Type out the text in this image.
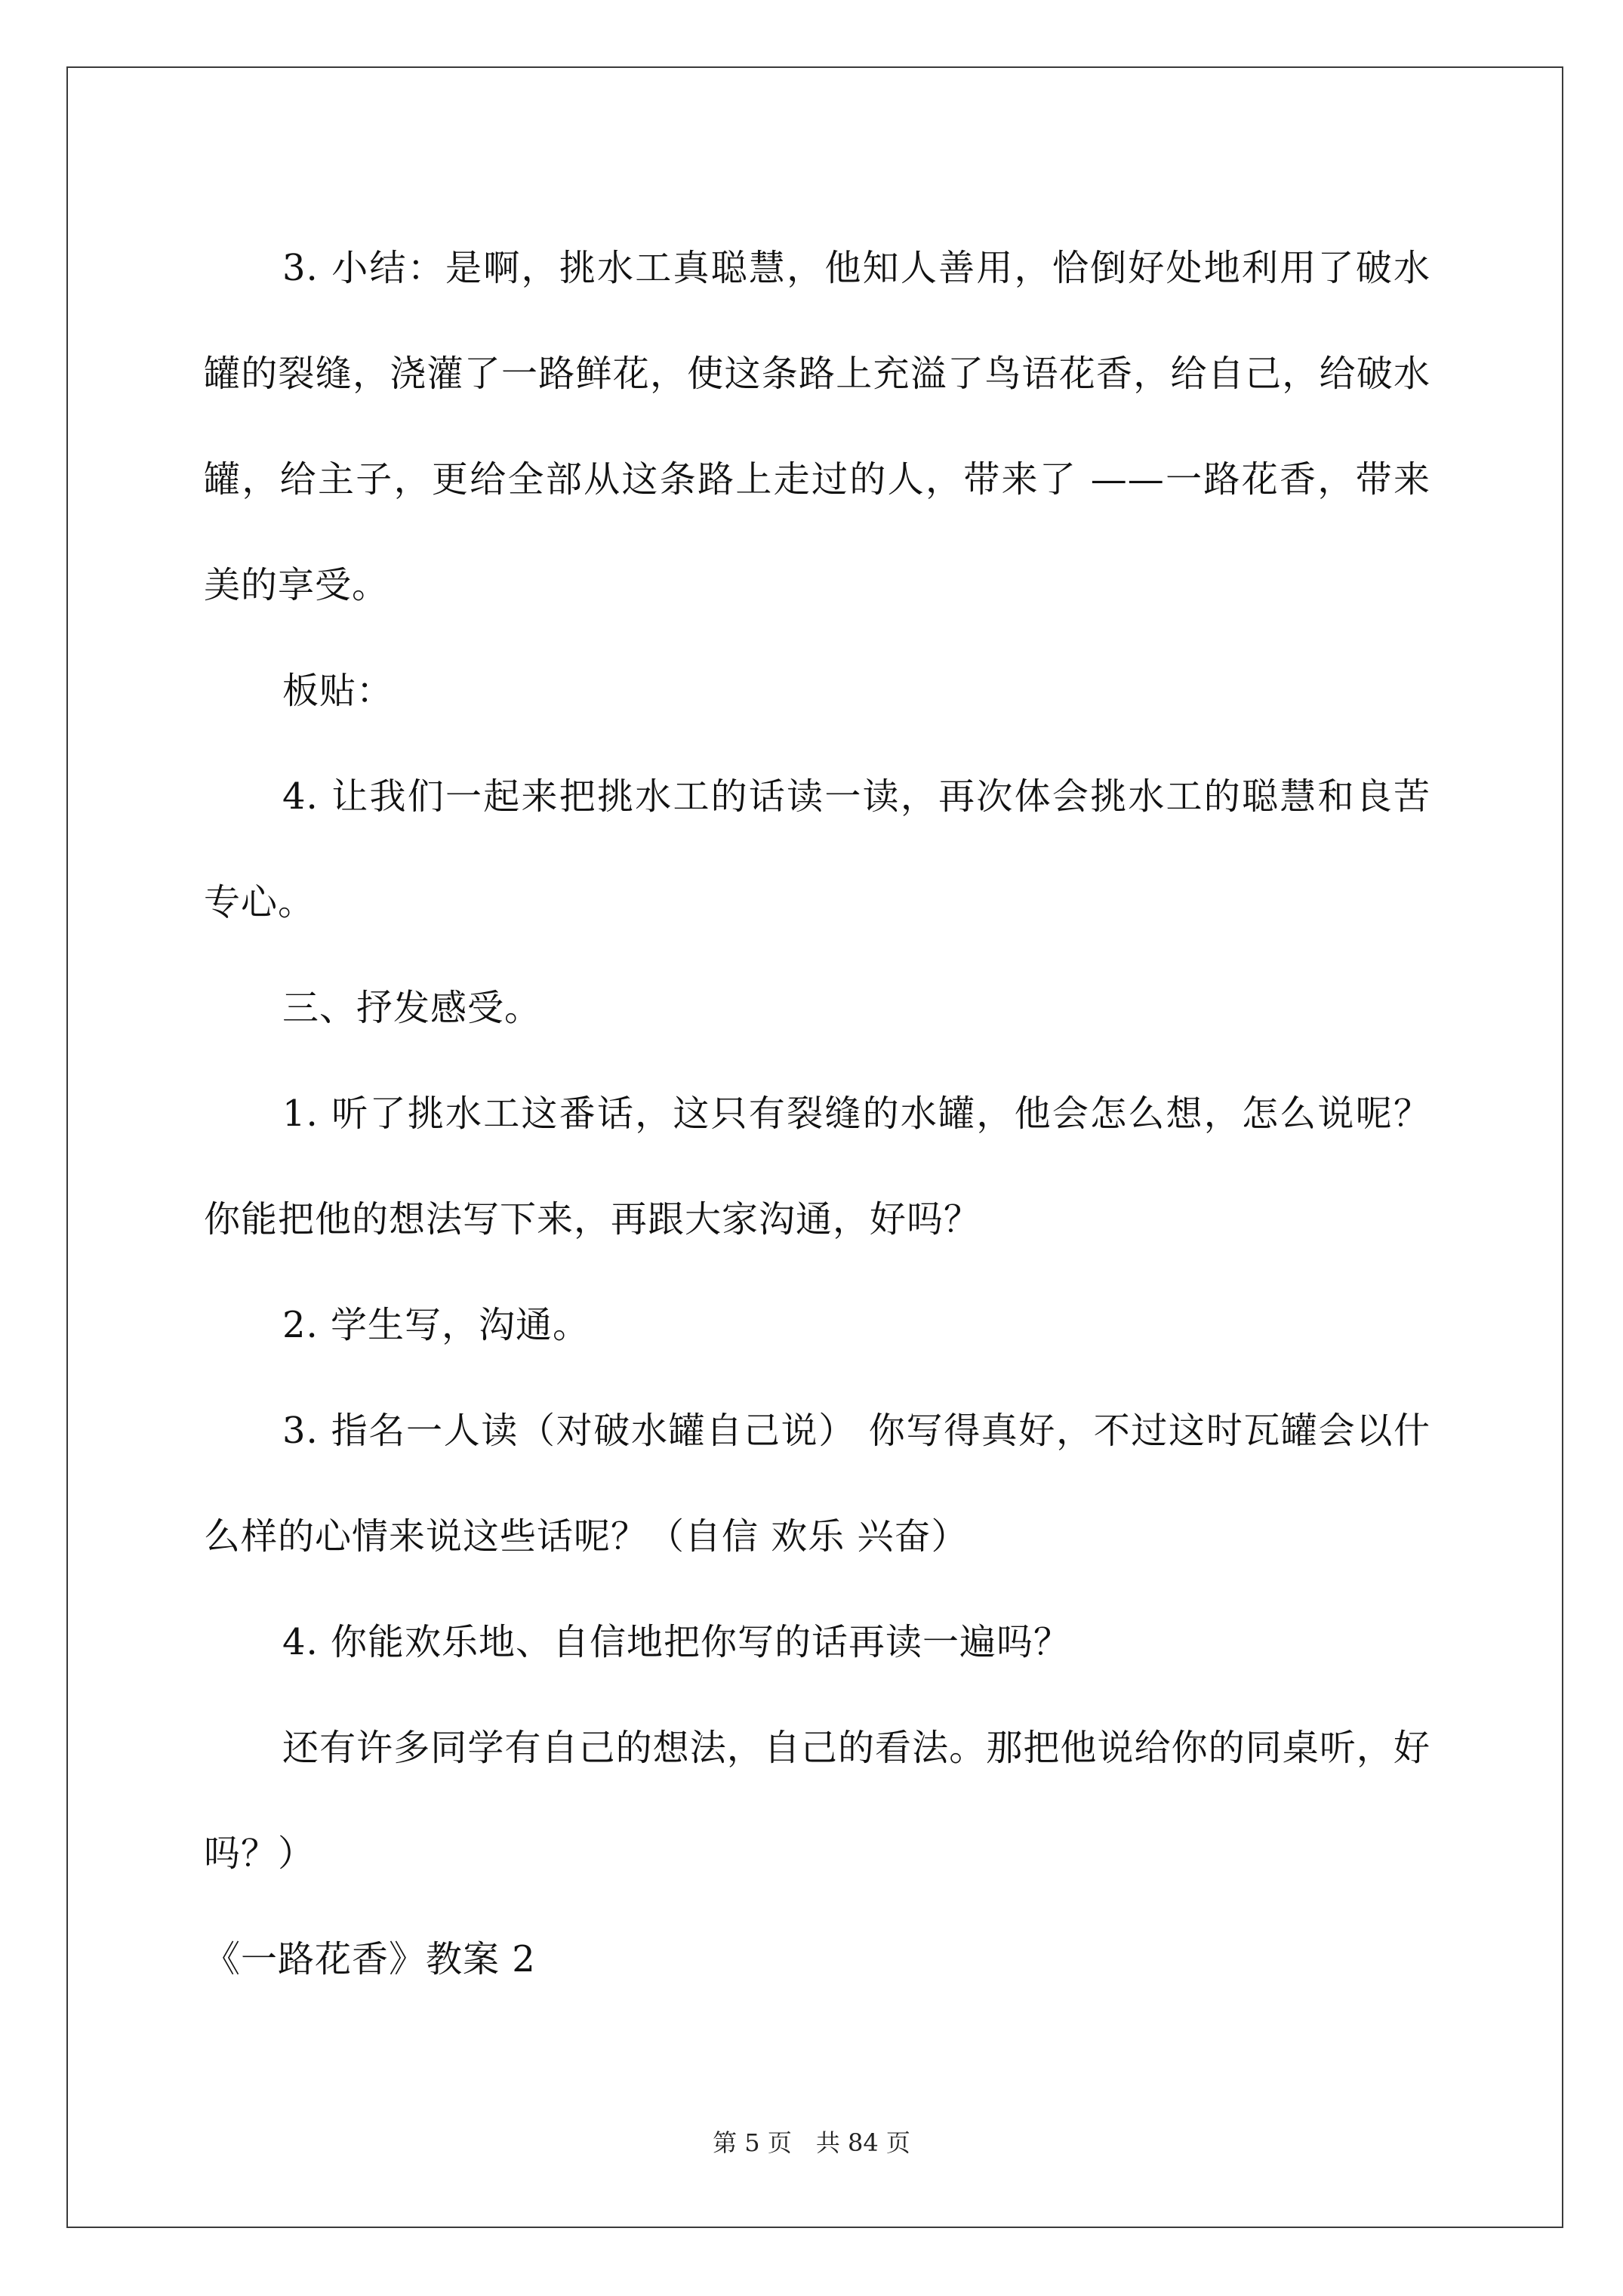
3. 小结：是啊，挑水工真聪慧，他知人善用，恰倒好处地利用了破水罐的裂缝，浇灌了一路鲜花，使这条路上充溢了鸟语花香，给自己，给破水罐，给主子，更给全部从这条路上走过的人，带来了 ——一路花香，带来美的享受。

板贴：

4. 让我们一起来把挑水工的话读一读，再次体会挑水工的聪慧和良苦专心。

三、抒发感受。

1. 听了挑水工这番话，这只有裂缝的水罐，他会怎么想，怎么说呢？你能把他的想法写下来，再跟大家沟通，好吗？

2. 学生写，沟通。

3. 指名一人读（对破水罐自己说） 你写得真好，不过这时瓦罐会以什么样的心情来说这些话呢？（自信 欢乐 兴奋）

4. 你能欢乐地、自信地把你写的话再读一遍吗？

还有许多同学有自己的想法，自己的看法。那把他说给你的同桌听，好吗？）

《一路花香》教案 2

第 5 页　共 84 页
